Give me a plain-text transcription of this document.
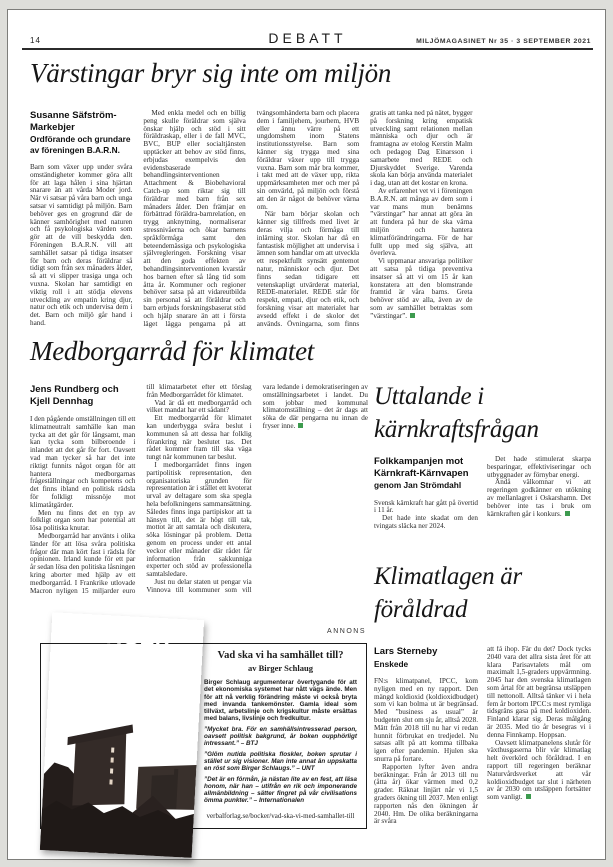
14	DEBATT	MILJÖMAGASINET Nr 35 · 3 SEPTEMBER 2021
Värstingar bryr sig inte om miljön
Susanne Säfström-Markebjer
Ordförande och grundare av föreningen B.A.R.N.

Barn som växer upp under svåra omständigheter kommer göra allt för att laga hålen i sina hjärtan snarare än att vårda Moder jord. När vi satsar på våra barn och unga satsar vi samtidigt på miljön. Barn behöver ges en grogrund där de känner samhörighet med naturen och få psykologiska värden som gör att de vill beskydda den. Föreningen B.A.R.N. vill att samhället satsar på tidiga insatser för barn och deras föräldrar så tidigt som från sex månaders ålder, så att vi slipper trasiga unga och vuxna. Skolan har samtidigt en viktig roll i att stödja elevens utveckling av empatin kring djur, natur och etik och undervisa dem i det. Barn och miljö går hand i hand.

Med enkla medel och en billig peng skulle föräldrar som själva önskar hjälp och stöd i sitt föräldraskap, eller i de fall MVC, BVC, BUP eller socialtjänsten upptäcker att behov av stöd finns, erbjudas exempelvis den evidensbaserade behandlingsinterventionen Attachment & Biobehavioral Catch-up som riktar sig till föräldrar med barn från sex månaders ålder. Den främjar en förbättrad föräldra-barnrelation, en trygg anknytning, normaliserar stressnivåerna och ökar barnens språkförmåga samt den beteendemässiga och psykologiska självregleringen. Forskning visar att den goda effekten av behandlingsinterventionen kvarstår hos barnen efter så lång tid som åtta år. Kommuner och regioner behöver satsa på att vidareutbilda sin personal så att föräldrar och barn erbjuds forskningsbaserat stöd och hjälp snarare än att i första läget lägga pengarna på att tvångsomhänderta barn och placera dem i familjehem, jourhem, HVB eller ännu värre på ett ungdomshem inom Statens institutionsstyrelse. Barn som känner sig trygga med sina föräldrar växer upp till trygga vuxna. Barn som mår bra kommer, i takt med att de växer upp, rikta uppmärksamheten mer och mer på sin omvärld, på miljön och förstå att den är något de behöver värna om.

När barn börjar skolan och känner sig tillfreds med livet är deras vilja och förmåga till inlärning stor. Skolan har då en fantastisk möjlighet att undervisa i ämnen som handlar om att utveckla ett respektfullt synsätt gentemot natur, människor och djur. Det finns sedan tidigare ett vetenskapligt utvärderat material, REDE-materialet. REDE står för respekt, empati, djur och etik, och forskning visar att materialet har avsedd effekt i de skolor det används. Övningarna, som finns gratis att tanka ned på nätet, bygger på forskning kring empatisk utveckling samt relationen mellan människa och djur och är framtagna av etolog Kerstin Malm och pedagog Dag Einarsson i samarbete med REDE och Djurskyddet Sverige. Varenda skola kan börja använda materialet i dag, utan att det kostar en krona.

Av erfarenhet vet vi i föreningen B.A.R.N. att många av dem som i var mans mun benämns ”värstingar” har annat att göra än att fundera på hur de ska värna miljön och hantera klimatförändringarna. För de har fullt upp med sig själva, att överleva.

Vi uppmanar ansvariga politiker att satsa på tidiga preventiva insatser så att vi om 15 år kan konstatera att den blomstrande framtid är våra barns. Greta behöver stöd av alla, även av de som av samhället betraktas som ”värstingar”.

Medborgarråd för klimatet
Jens Rundberg och Kjell Dennhag

I den pågående omställningen till ett klimatneutralt samhälle kan man tycka att det går för långsamt, man kan tycka som bilberoende i inlandet att det går för fort. Oavsett vad man tycker så har det inte riktigt funnits något organ för att hantera medborgarnas frågeställningar och kompetens och det finns ibland en politisk rädsla för folkligt missnöje mot klimatåtgärder.

Men nu finns det en typ av folkligt organ som har potential att lösa politiska knutar.

Medborgarråd har använts i olika länder för att lösa svåra politiska frågor där man kört fast i rädsla för opinionen. Irland kunde för ett par år sedan lösa den politiska låsningen kring aborter med hjälp av ett medborgarråd. I Frankrike utlovade Macron nyligen 15 miljarder euro till klimatarbetet efter ett förslag från Medborgarrådet för klimatet.

Vad är då ett medborgarråd och vilket mandat har ett sådant?

Ett medborgarråd för klimatet kan underbygga svåra beslut i kommunen så att dessa har folklig förankring när beslutet tas. Det rådet kommer fram till ska väga tungt när kommunen tar beslut.

I medborgarrådet finns ingen partipolitisk representation, den organisatoriska grunden för representation är i stället ett kvoterat urval av deltagare som ska spegla hela befolkningens sammansättning. Således finns inga partipiskor att ta hänsyn till, det är högt till tak, mottot är att samtala och diskutera, söka lösningar på problem. Detta genom en process under ett antal veckor eller månader där rådet får information från sakkunniga experter och stöd av professionella samtalsledare.

Just nu delar staten ut pengar via Vinnova till kommuner som vill vara ledande i demokratiseringen av omställningsarbetet i landet. Du som jobbar med kommunal klimatomställning – det är dags att söka de där pengarna nu innan de fryser inne.

Uttalande i
kärnkraftsfrågan
Folkkampanjen mot Kärnkraft-Kärnvapen
genom Jan Strömdahl

Svensk kärnkraft har gått på övertid i 11 år.

Det hade inte skadat om den tvingats släcka ner 2024.

Det hade stimulerat skarpa besparingar, effektiviseringar och utbyggnader av förnybar energi.

Ändå välkomnar vi att regeringen godkänner en utökning av mellanlagret i Oskarshamn. Det behöver inte tas i bruk om kärnkraften går i konkurs.

Klimatlagen är
föråldrad
Lars Sterneby
Enskede

FN:s klimatpanel, IPCC, kom nyligen med en ny rapport. Den mängd koldioxid (koldioxidbudget) som vi kan bolma ut är begränsad. Med ”business as usual” är budgeten slut om sju år, alltså 2028. Mätt från 2018 till nu har vi redan hunnit förbrukat en tredjedel. Nu satsas allt på att komma tillbaka igen efter pandemin. Hjulen ska snurra på fortare.

Rapporten lyfter även andra beräkningar. Från år 2013 till nu (åtta år) ökar värmen med 0,2 grader. Räknat linjärt når vi 1,5 graders ökning till 2037. Men enligt rapporten nås den ökningen år 2040. Hm. De olika beräkningarna är svåra

att få ihop. Får du det? Dock tycks 2040 vara det allra sista året för att klara Parisavtalets mål om maximalt 1,5-graders uppvärmning. 2045 har den svenska klimatlagen som årtal för att begränsa utsläppen till nettonoll. Alltså tänker vi i hela fem år bortom IPCC:s mest rymliga tidsgräns gasa på med koldioxiden. Finland klarar sig. Deras målgång är 2035. Med tio år besegras vi i denna Finnkamp. Hoppsan.

Oavsett klimatpanelens slutår för växthusgaserna blir vår klimatlag helt överkörd och föråldrad. I en rapport till regeringen beräknar Naturvårdsverket att vår koldioxidbudget tar slut i närheten av år 2030 om utsläppen fortsätter som vanligt.

ANNONS
Vad ska vi ha samhället till?
av Birger Schlaug
Birger Schlaug argumenterar övertygande för att det ekonomiska systemet har nått vägs ände. Men för att nå verklig förändring måste vi också bryta med invanda tankemönster. Gamla ideal som tillväxt, arbetslinje och krigskultur måste ersättas med balans, livslinje och fredkultur.
”Mycket bra. För en samhällsintresserad person, oavsett politisk bakgrund, är boken oupphörligt intressant.” – BTJ
”Glöm nutida politiska floskler, boken sprutar i stället ur sig visioner. Man inte annat än uppskatta en röst som Birger Schlaugs.” – UNT
”Det är en förmån, ja nästan lite av en fest, att läsa honom, när han – utifrån en rik och imponerande allmänbildning – sätter fingret på vår civilisations ömma punkter.” – Internationalen
verbalforlag.se/bocker/vad-ska-vi-med-samhallet-till
BIRGER
Vad ska vi ha samhället till?
SCHLAUG
verbal
